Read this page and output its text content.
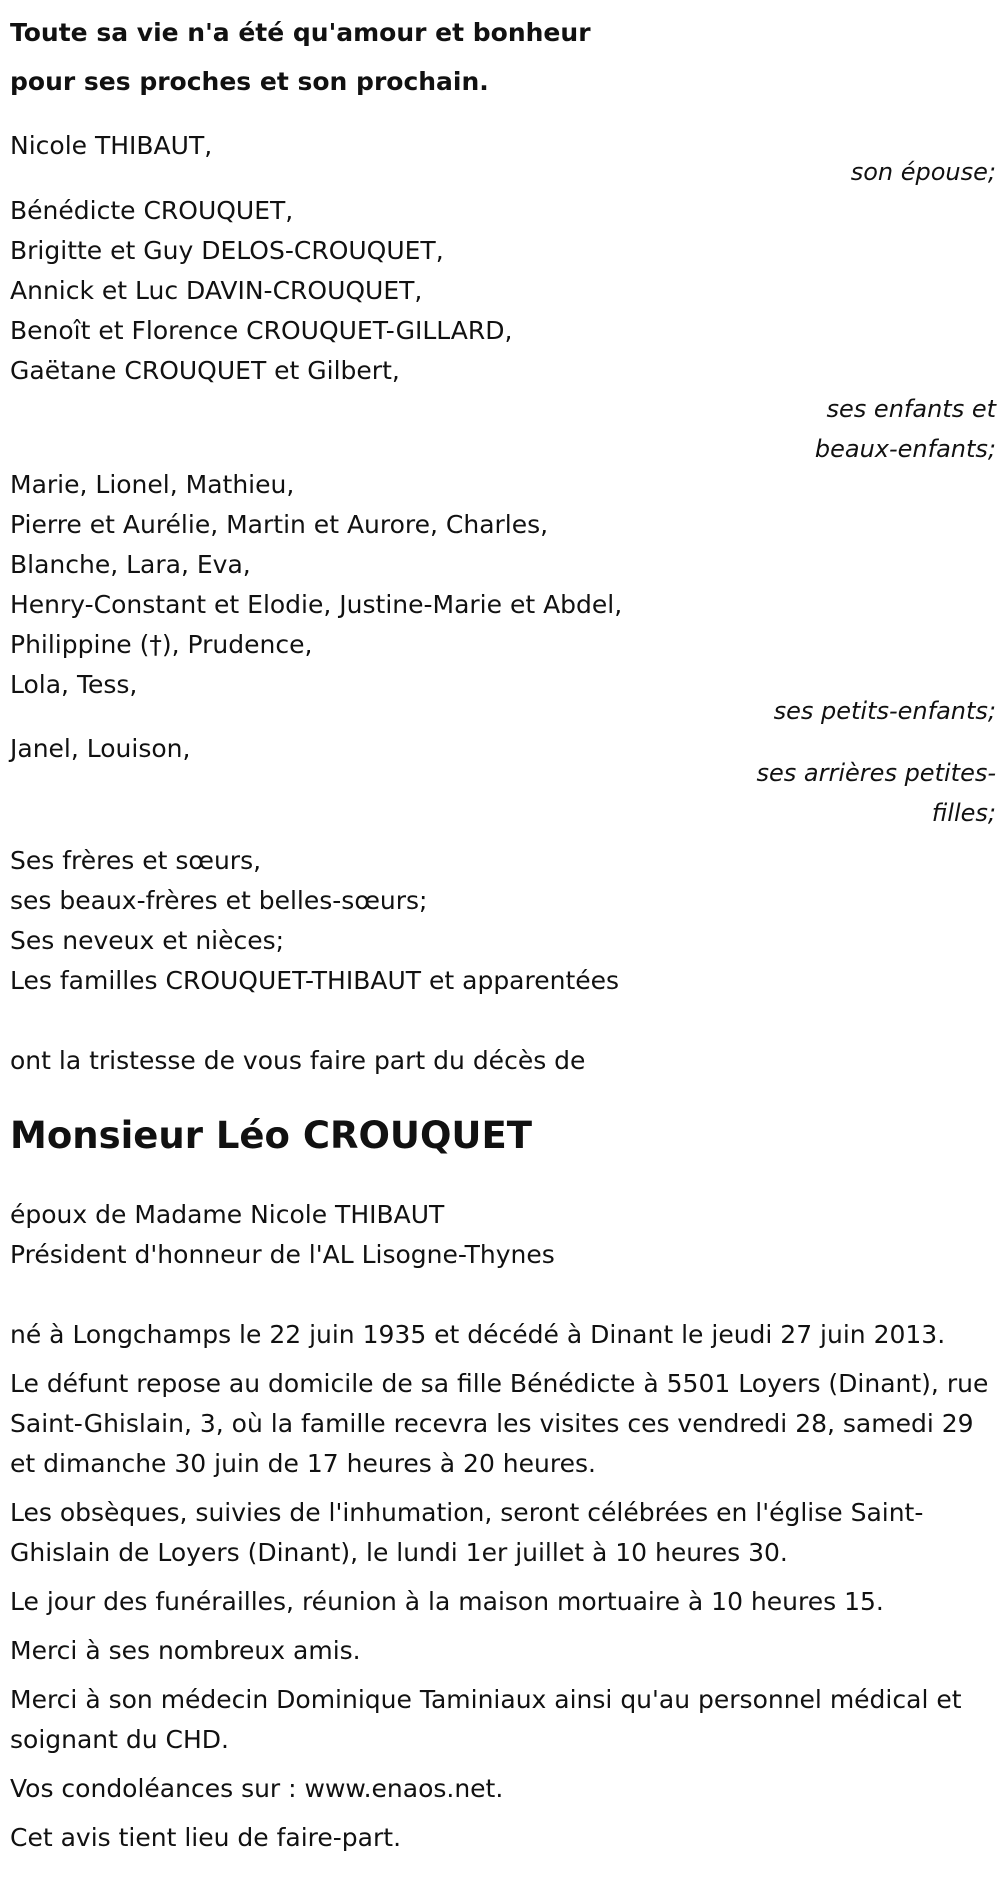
Toute sa vie n'a été qu'amour et bonheur
pour ses proches et son prochain.
Nicole THIBAUT,
son épouse;
Bénédicte CROUQUET,
Brigitte et Guy DELOS-CROUQUET,
Annick et Luc DAVIN-CROUQUET,
Benoît et Florence CROUQUET-GILLARD,
Gaëtane CROUQUET et Gilbert,
ses enfants et
beaux-enfants;
Marie, Lionel, Mathieu,
Pierre et Aurélie, Martin et Aurore, Charles,
Blanche, Lara, Eva,
Henry-Constant et Elodie, Justine-Marie et Abdel,
Philippine (†), Prudence,
Lola, Tess,
ses petits-enfants;
Janel, Louison,
ses arrières petites-
filles;
Ses frères et sœurs,
ses beaux-frères et belles-sœurs;
Ses neveux et nièces;
Les familles CROUQUET-THIBAUT et apparentées
ont la tristesse de vous faire part du décès de
Monsieur Léo CROUQUET
époux de Madame Nicole THIBAUT
Président d'honneur de l'AL Lisogne-Thynes

né à Longchamps le 22 juin 1935 et décédé à Dinant le jeudi 27 juin 2013.

Le défunt repose au domicile de sa fille Bénédicte à 5501 Loyers (Dinant), rue Saint-Ghislain, 3, où la famille recevra les visites ces vendredi 28, samedi 29 et dimanche 30 juin de 17 heures à 20 heures.

Les obsèques, suivies de l'inhumation, seront célébrées en l'église Saint-Ghislain de Loyers (Dinant), le lundi 1er juillet à 10 heures 30.

Le jour des funérailles, réunion à la maison mortuaire à 10 heures 15.

Merci à ses nombreux amis.

Merci à son médecin Dominique Taminiaux ainsi qu'au personnel médical et soignant du CHD.

Vos condoléances sur : www.enaos.net.

Cet avis tient lieu de faire-part.
